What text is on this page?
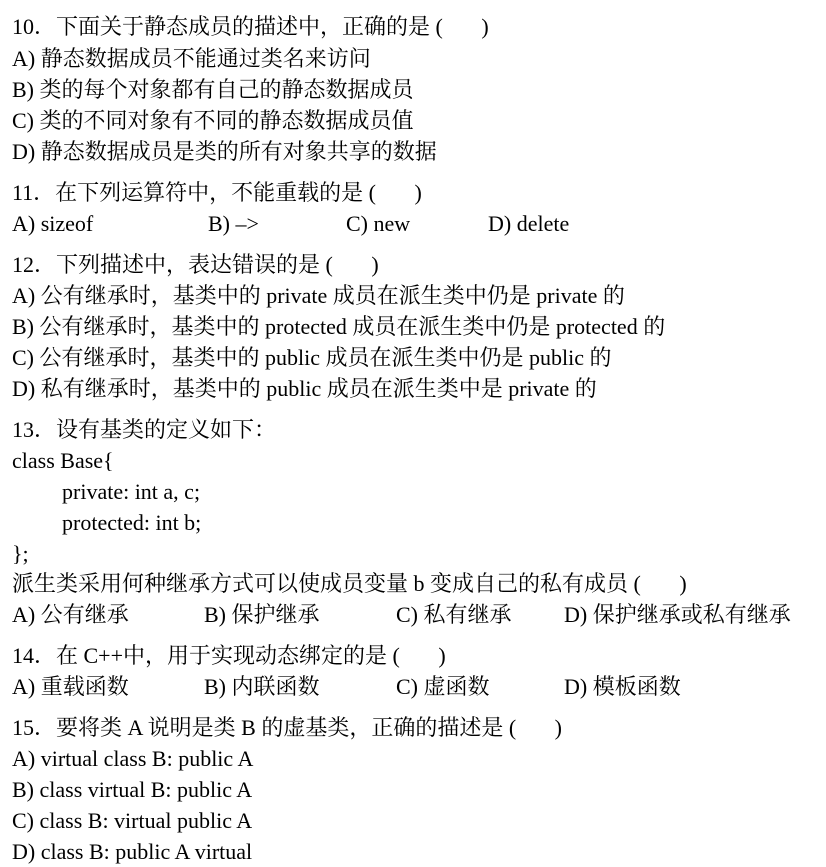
10．下面关于静态成员的描述中，正确的是 (       )
A) 静态数据成员不能通过类名来访问
B) 类的每个对象都有自己的静态数据成员
C) 类的不同对象有不同的静态数据成员值
D) 静态数据成员是类的所有对象共享的数据
11．在下列运算符中，不能重载的是 (       )
A) sizeof	B) –>	C) new	D) delete
12．下列描述中，表达错误的是 (       )
A) 公有继承时，基类中的 private 成员在派生类中仍是 private 的
B) 公有继承时，基类中的 protected 成员在派生类中仍是 protected 的
C) 公有继承时，基类中的 public 成员在派生类中仍是 public 的
D) 私有继承时，基类中的 public 成员在派生类中是 private 的
13．设有基类的定义如下：
class Base{
private: int a, c;
protected: int b;
};
派生类采用何种继承方式可以使成员变量 b 变成自己的私有成员 (       )
A) 公有继承	B) 保护继承	C) 私有继承 D) 保护继承或私有继承
14．在 C++中，用于实现动态绑定的是 (       )
A) 重载函数	B) 内联函数	C) 虚函数	D) 模板函数
15．要将类 A 说明是类 B 的虚基类，正确的描述是 (       )
A) virtual class B: public A
B) class virtual B: public A
C) class B: virtual public A
D) class B: public A virtual
